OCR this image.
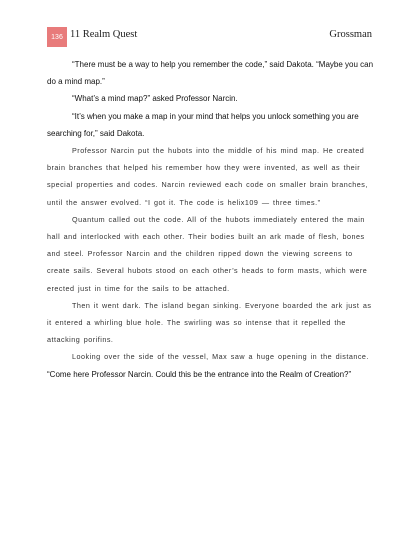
136 11 Realm Quest	Grossman

“There must be a way to help you remember the code,” said Dakota. “Maybe you can do a mind map.”

“What’s a mind map?” asked Professor Narcin.

“It’s when you make a map in your mind that helps you unlock something you are searching for,” said Dakota.

Professor Narcin put the hubots into the middle of his mind map. He created brain branches that helped his remember how they were invented, as well as their special properties and codes. Narcin reviewed each code on smaller brain branches, until the answer evolved. “I got it. The code is helix109 — three times.”

Quantum called out the code. All of the hubots immediately entered the main hall and interlocked with each other. Their bodies built an ark made of flesh, bones and steel. Professor Narcin and the children ripped down the viewing screens to create sails. Several hubots stood on each other’s heads to form masts, which were erected just in time for the sails to be attached.

Then it went dark. The island began sinking. Everyone boarded the ark just as it entered a whirling blue hole. The swirling was so intense that it repelled the attacking porifins.

Looking over the side of the vessel, Max saw a huge opening in the distance.

“Come here Professor Narcin. Could this be the entrance into the Realm of Creation?”
